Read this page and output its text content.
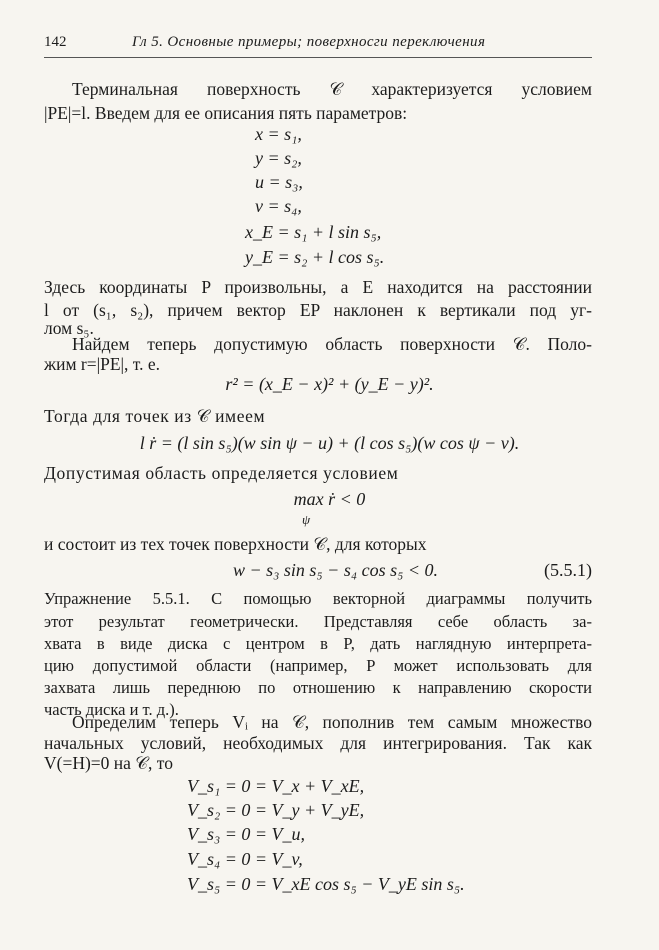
142	Гл 5. Основные примеры; поверхносги переключения
Терминальная поверхность 𝒞 характеризуется условием
|PE|=l. Введем для ее описания пять параметров:
x = s₁,
y = s₂,
u = s₃,
v = s₄,
x_E = s₁ + l sin s₅,
y_E = s₂ + l cos s₅.
Здесь координаты P произвольны, а E находится на расстоянии
l от (s₁, s₂), причем вектор EP наклонен к вертикали под уг-
лом s₅.
Найдем теперь допустимую область поверхности 𝒞. Поло-
жим r=|PE|, т. е.
r² = (x_E − x)² + (y_E − y)².
Тогда для точек из 𝒞 имеем
l ṙ = (l sin s₅)(w sin ψ − u) + (l cos s₅)(w cos ψ − v).
Допустимая область определяется условием
max ṙ < 0
ψ
и состоит из тех точек поверхности 𝒞, для которых
w − s₃ sin s₅ − s₄ cos s₅ < 0.	(5.5.1)
Упражнение 5.5.1. С помощью векторной диаграммы получить
этот результат геометрически. Представляя себе область за-
хвата в виде диска с центром в P, дать наглядную интерпрета-
цию допустимой области (например, P может использовать для
захвата лишь переднюю по отношению к направлению скорости
часть диска и т. д.).
Определим теперь Vᵢ на 𝒞, пополнив тем самым множество
начальных условий, необходимых для интегрирования. Так как
V(=H)=0 на 𝒞, то
V_s₁ = 0 = V_x + V_xE,
V_s₂ = 0 = V_y + V_yE,
V_s₃ = 0 = V_u,
V_s₄ = 0 = V_v,
V_s₅ = 0 = V_xE cos s₅ − V_yE sin s₅.
